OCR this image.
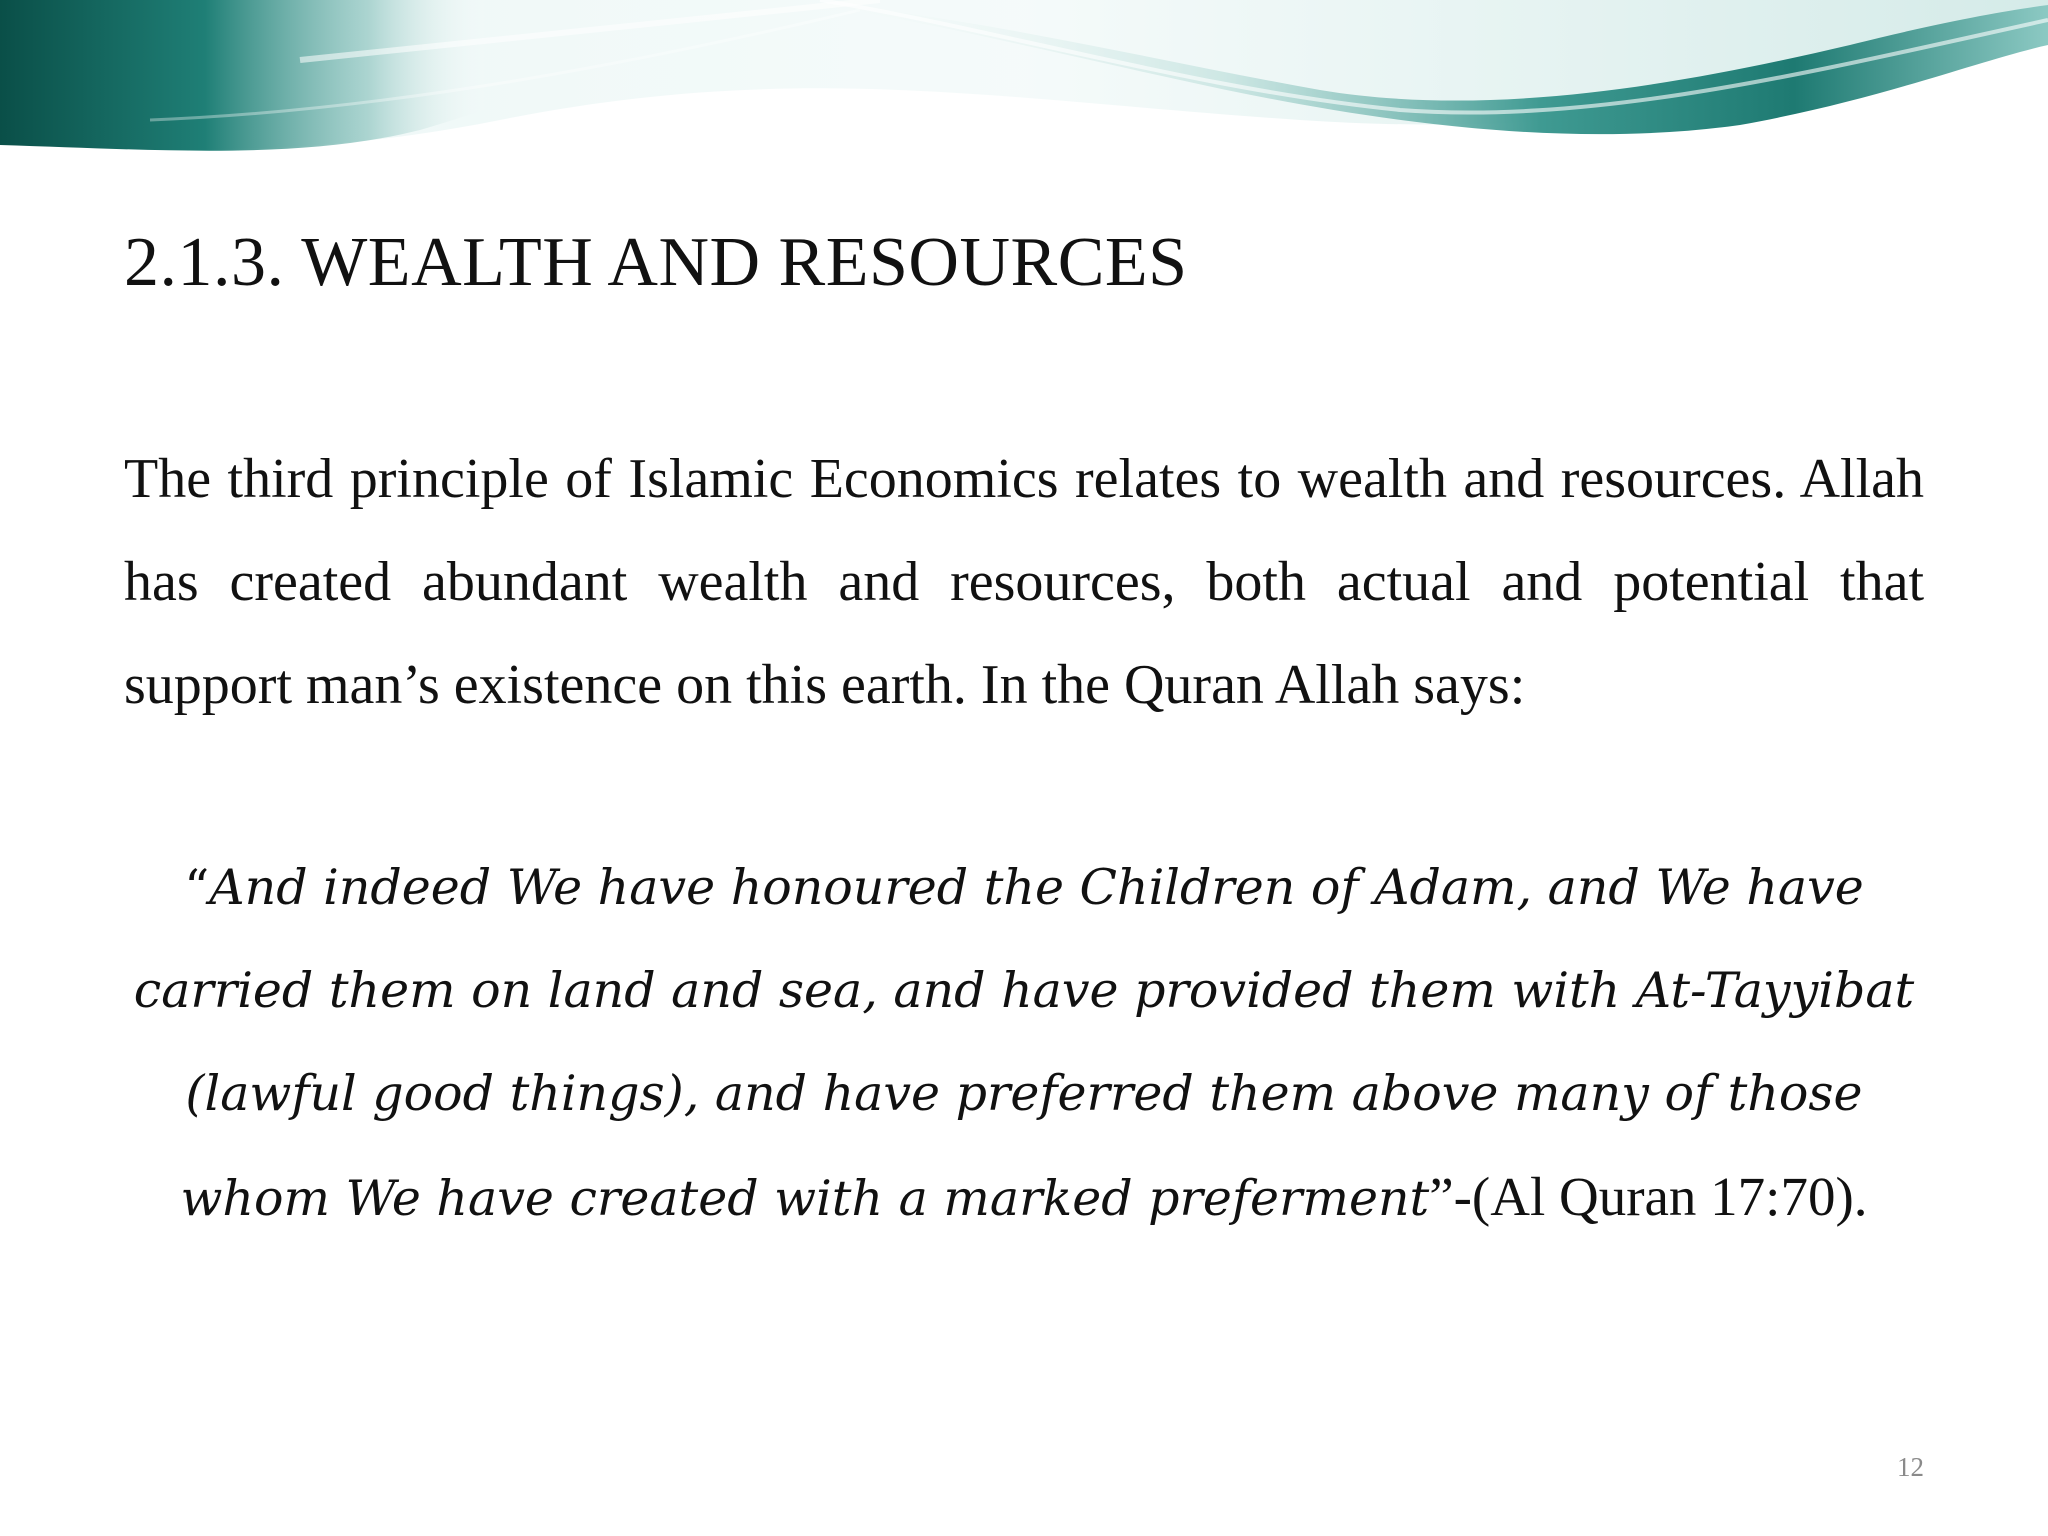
2.1.3. WEALTH AND RESOURCES

The third principle of Islamic Economics relates to wealth and resources. Allah has created abundant wealth and resources, both actual and potential that support man’s existence on this earth. In the Quran Allah says:

“And indeed We have honoured the Children of Adam, and We have carried them on land and sea, and have provided them with At-Tayyibat (lawful good things), and have preferred them above many of those whom We have created with a marked preferment”-(Al Quran 17:70).

12
